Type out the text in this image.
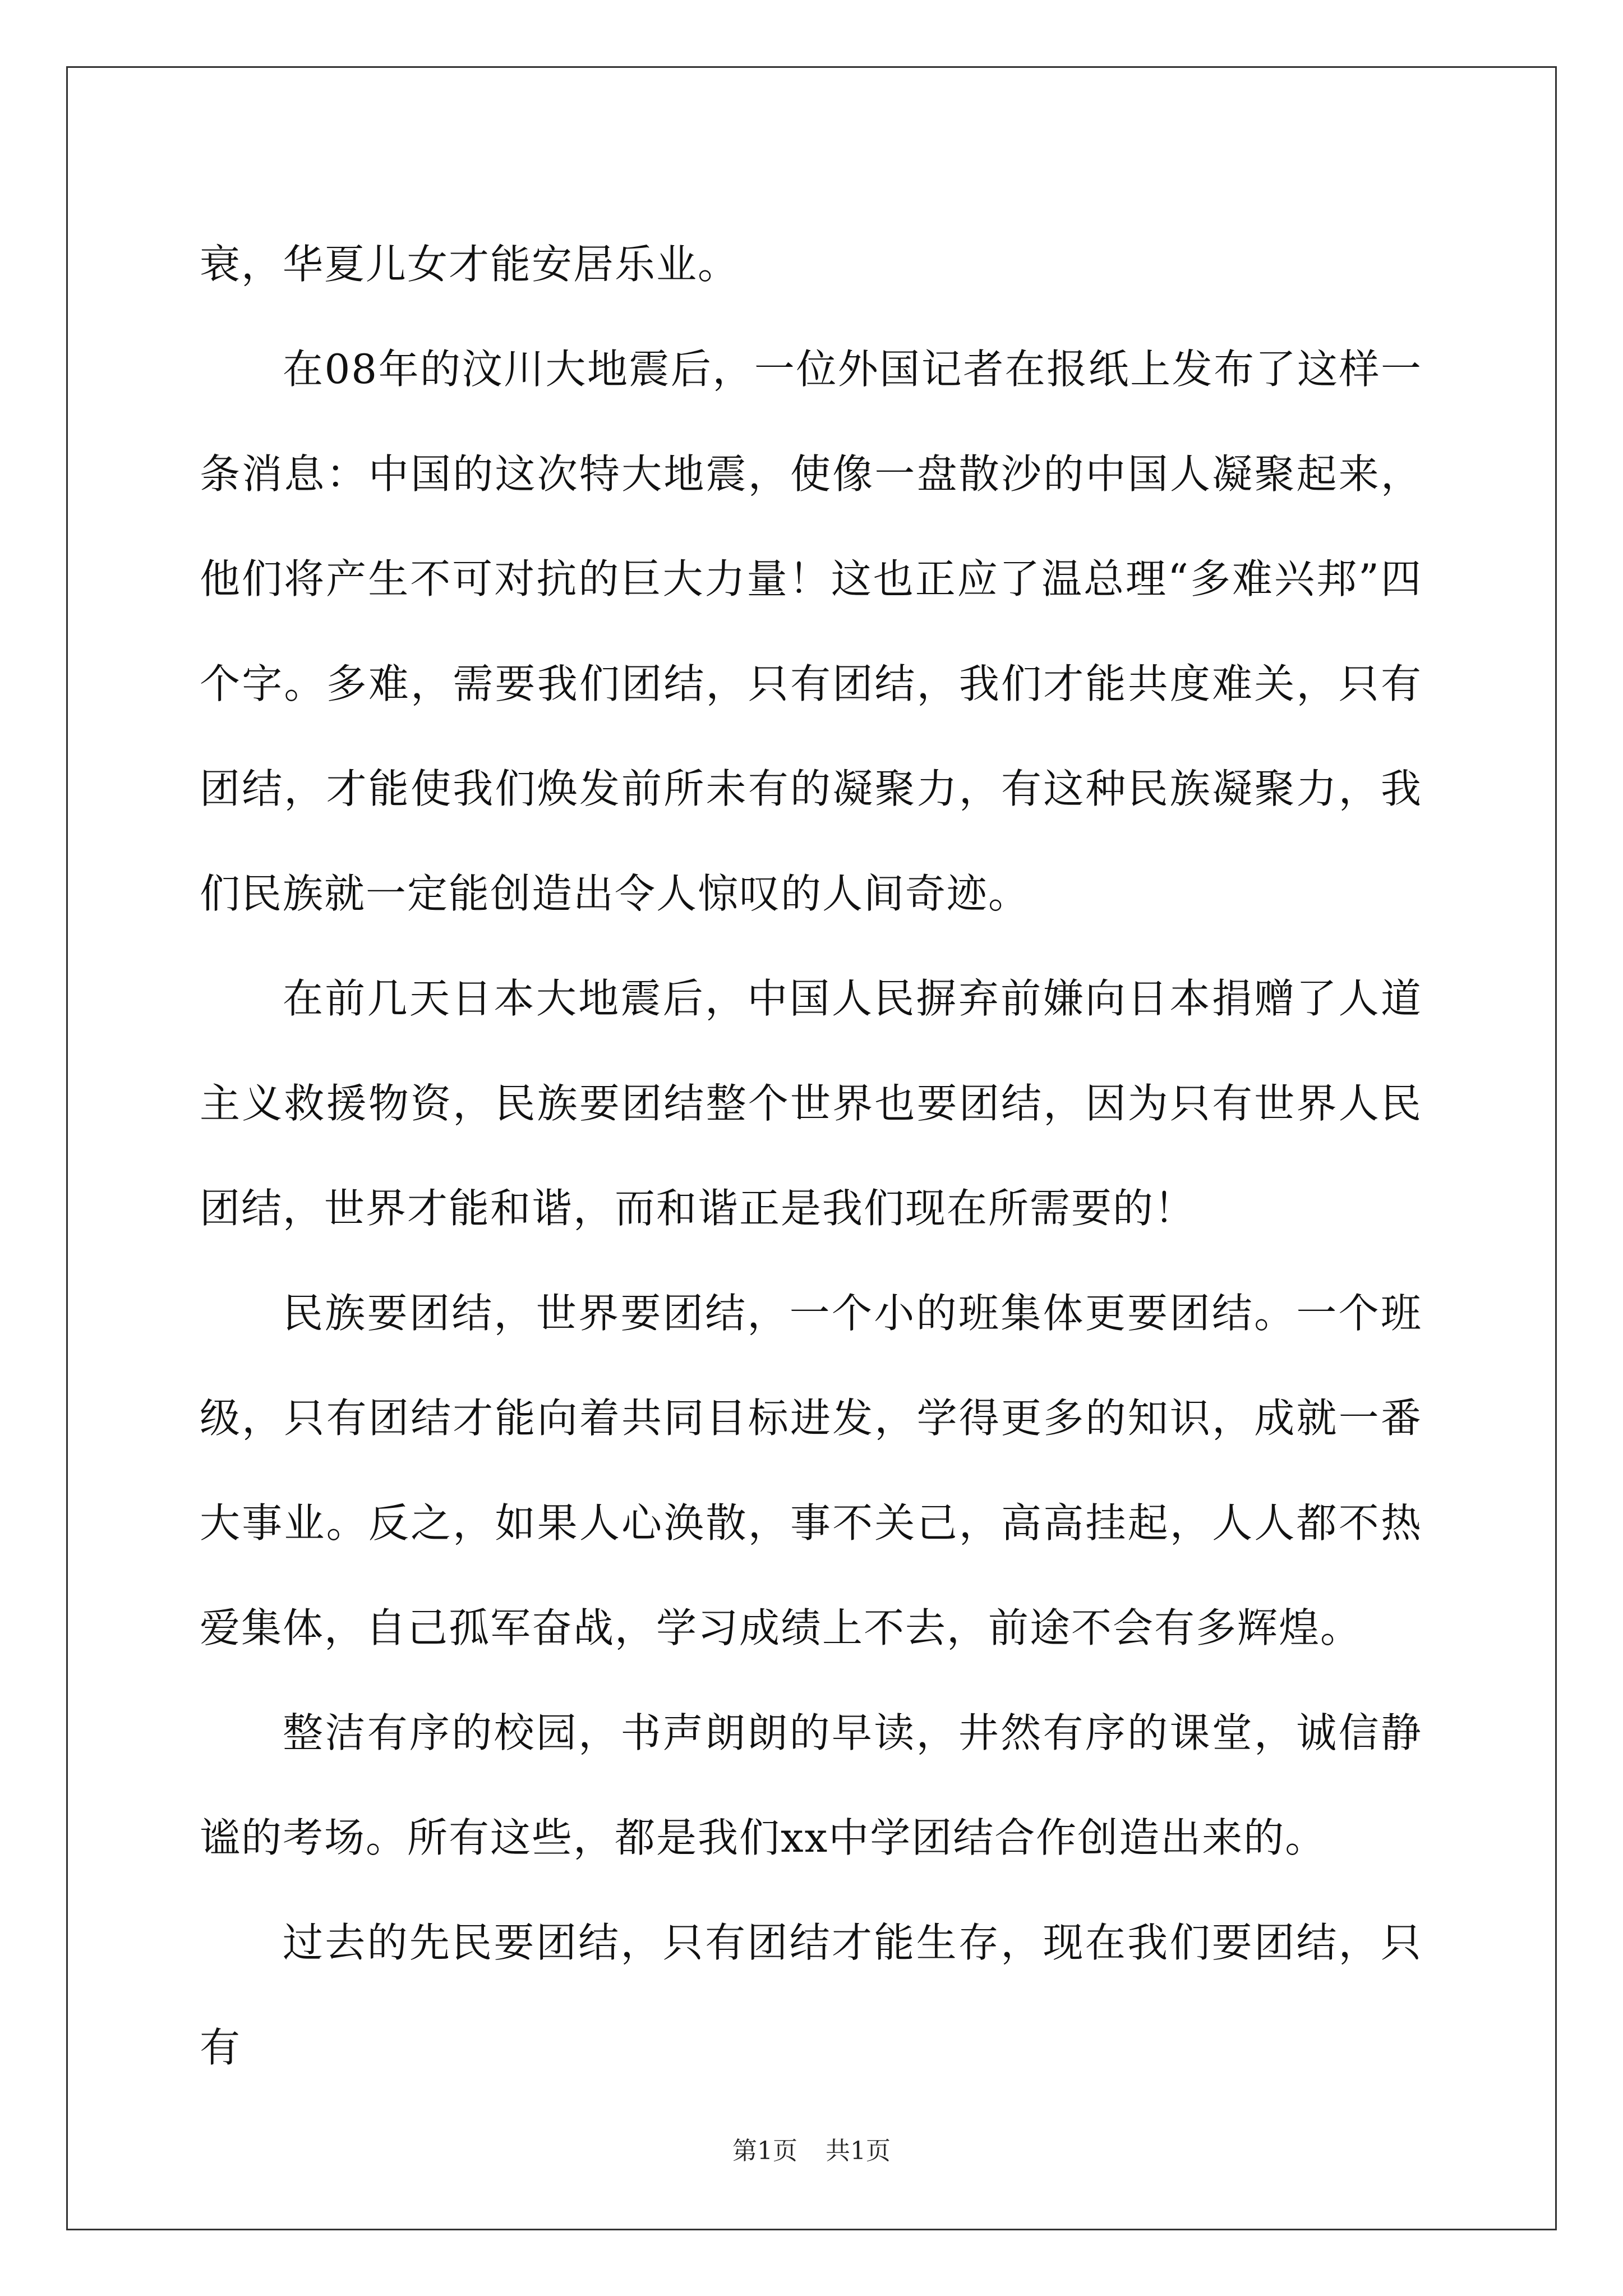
衰，华夏儿女才能安居乐业。

在08年的汶川大地震后，一位外国记者在报纸上发布了这样一条消息：中国的这次特大地震，使像一盘散沙的中国人凝聚起来，他们将产生不可对抗的巨大力量！这也正应了温总理“多难兴邦”四个字。多难，需要我们团结，只有团结，我们才能共度难关，只有团结，才能使我们焕发前所未有的凝聚力，有这种民族凝聚力，我们民族就一定能创造出令人惊叹的人间奇迹。

在前几天日本大地震后，中国人民摒弃前嫌向日本捐赠了人道主义救援物资，民族要团结整个世界也要团结，因为只有世界人民团结，世界才能和谐，而和谐正是我们现在所需要的！

民族要团结，世界要团结，一个小的班集体更要团结。一个班级，只有团结才能向着共同目标进发，学得更多的知识，成就一番大事业。反之，如果人心涣散，事不关己，高高挂起，人人都不热爱集体，自己孤军奋战，学习成绩上不去，前途不会有多辉煌。

整洁有序的校园，书声朗朗的早读，井然有序的课堂，诚信静谧的考场。所有这些，都是我们xx中学团结合作创造出来的。

过去的先民要团结，只有团结才能生存，现在我们要团结，只有

第1页 共1页
